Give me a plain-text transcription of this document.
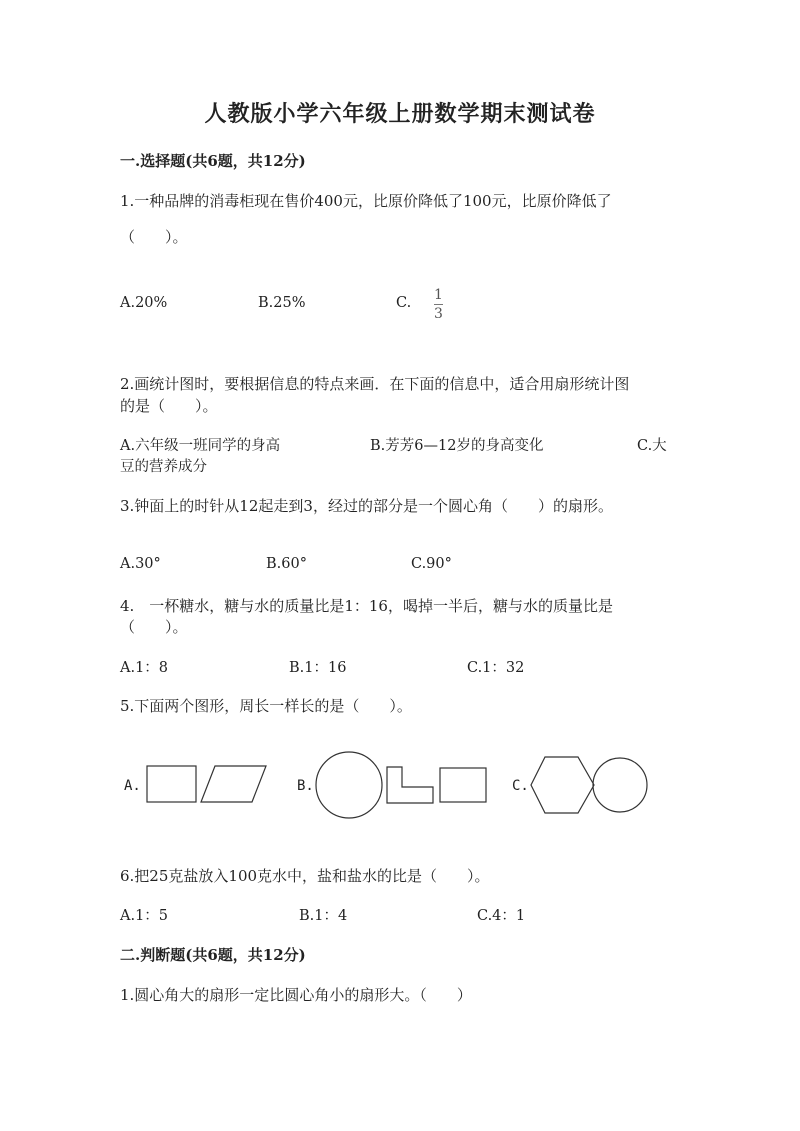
人教版小学六年级上册数学期末测试卷
一.选择题(共6题，共12分)
1.一种品牌的消毒柜现在售价400元，比原价降低了100元，比原价降低了
（　　）。
A.20%	B.25%	C. 1
3
2.画统计图时，要根据信息的特点来画．在下面的信息中，适合用扇形统计图
的是（　　）。
A.六年级一班同学的身高	B.芳芳6—12岁的身高变化	C.大
豆的营养成分
3.钟面上的时针从12起走到3，经过的部分是一个圆心角（　　）的扇形。
A.30°	B.60°	C.90°
4.　一杯糖水，糖与水的质量比是1：16，喝掉一半后，糖与水的质量比是
（　　）。
A.1：8	B.1：16	C.1：32
5.下面两个图形，周长一样长的是（　　）。
A.	B.	C.
6.把25克盐放入100克水中，盐和盐水的比是（　　）。
A.1：5	B.1：4	C.4：1
二.判断题(共6题，共12分)
1.圆心角大的扇形一定比圆心角小的扇形大。（　　）
